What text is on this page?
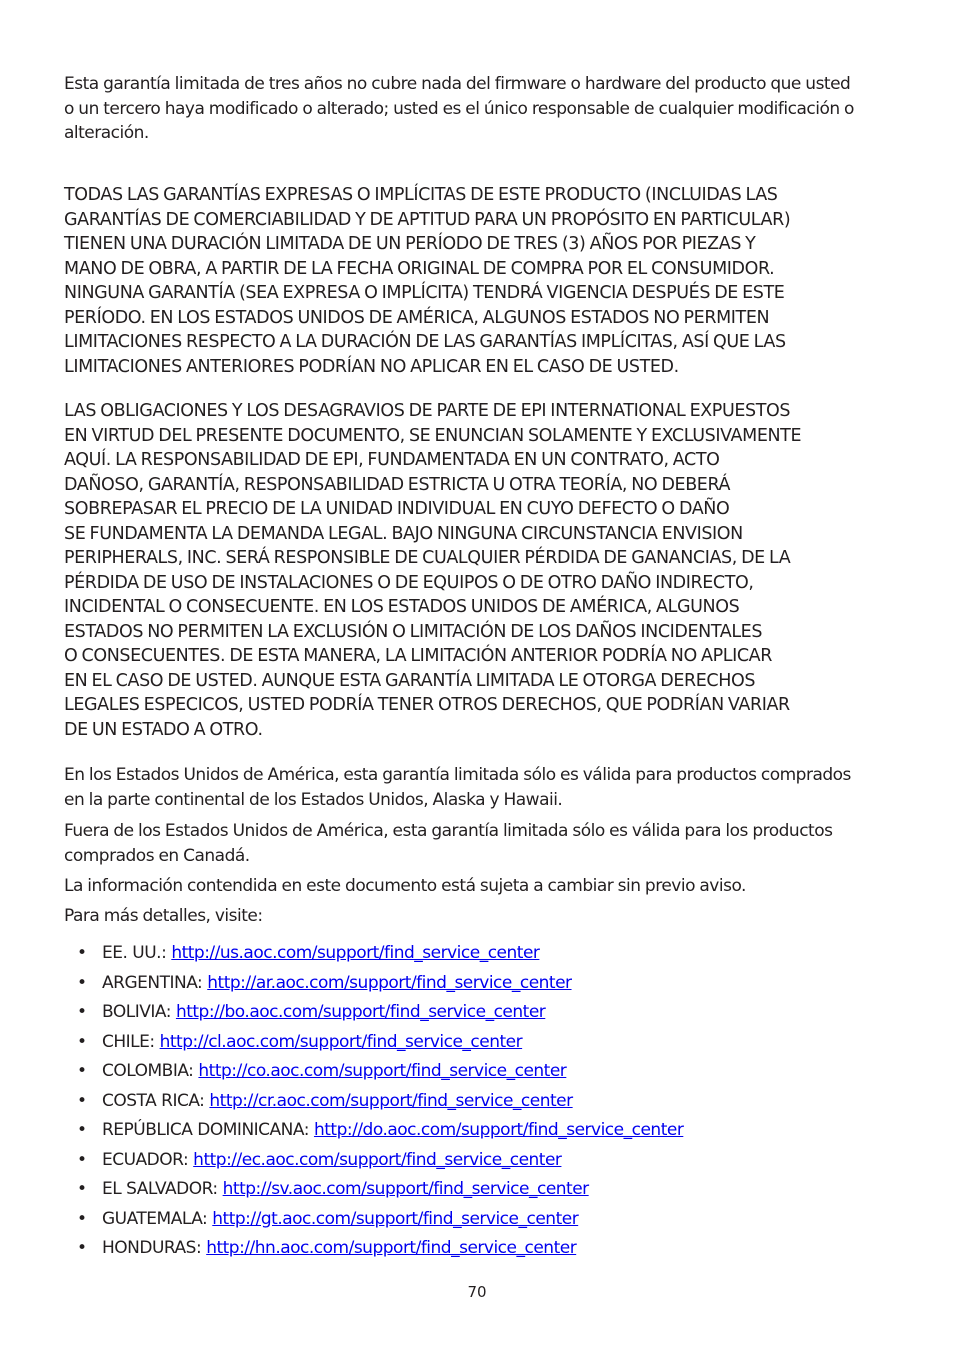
Esta garantía limitada de tres años no cubre nada del firmware o hardware del producto que usted
o un tercero haya modificado o alterado; usted es el único responsable de cualquier modificación o
alteración.
TODAS LAS GARANTÍAS EXPRESAS O IMPLÍCITAS DE ESTE PRODUCTO (INCLUIDAS LAS
GARANTÍAS DE COMERCIABILIDAD Y DE APTITUD PARA UN PROPÓSITO EN PARTICULAR)
TIENEN UNA DURACIÓN LIMITADA DE UN PERÍODO DE TRES (3) AÑOS POR PIEZAS Y
MANO DE OBRA, A PARTIR DE LA FECHA ORIGINAL DE COMPRA POR EL CONSUMIDOR.
NINGUNA GARANTÍA (SEA EXPRESA O IMPLÍCITA) TENDRÁ VIGENCIA DESPUÉS DE ESTE
PERÍODO. EN LOS ESTADOS UNIDOS DE AMÉRICA, ALGUNOS ESTADOS NO PERMITEN
LIMITACIONES RESPECTO A LA DURACIÓN DE LAS GARANTÍAS IMPLÍCITAS, ASÍ QUE LAS
LIMITACIONES ANTERIORES PODRÍAN NO APLICAR EN EL CASO DE USTED.
LAS OBLIGACIONES Y LOS DESAGRAVIOS DE PARTE DE EPI INTERNATIONAL EXPUESTOS
EN VIRTUD DEL PRESENTE DOCUMENTO, SE ENUNCIAN SOLAMENTE Y EXCLUSIVAMENTE
AQUÍ. LA RESPONSABILIDAD DE EPI, FUNDAMENTADA EN UN CONTRATO, ACTO
DAÑOSO, GARANTÍA, RESPONSABILIDAD ESTRICTA U OTRA TEORÍA, NO DEBERÁ
SOBREPASAR EL PRECIO DE LA UNIDAD INDIVIDUAL EN CUYO DEFECTO O DAÑO
SE FUNDAMENTA LA DEMANDA LEGAL. BAJO NINGUNA CIRCUNSTANCIA ENVISION
PERIPHERALS, INC. SERÁ RESPONSIBLE DE CUALQUIER PÉRDIDA DE GANANCIAS, DE LA
PÉRDIDA DE USO DE INSTALACIONES O DE EQUIPOS O DE OTRO DAÑO INDIRECTO,
INCIDENTAL O CONSECUENTE. EN LOS ESTADOS UNIDOS DE AMÉRICA, ALGUNOS
ESTADOS NO PERMITEN LA EXCLUSIÓN O LIMITACIÓN DE LOS DAÑOS INCIDENTALES
O CONSECUENTES. DE ESTA MANERA, LA LIMITACIÓN ANTERIOR PODRÍA NO APLICAR
EN EL CASO DE USTED. AUNQUE ESTA GARANTÍA LIMITADA LE OTORGA DERECHOS
LEGALES ESPECICOS, USTED PODRÍA TENER OTROS DERECHOS, QUE PODRÍAN VARIAR
DE UN ESTADO A OTRO.
En los Estados Unidos de América, esta garantía limitada sólo es válida para productos comprados
en la parte continental de los Estados Unidos, Alaska y Hawaii.
Fuera de los Estados Unidos de América, esta garantía limitada sólo es válida para los productos
comprados en Canadá.
La información contendida en este documento está sujeta a cambiar sin previo aviso.
Para más detalles, visite:
• EE. UU.: http://us.aoc.com/support/find_service_center
• ARGENTINA: http://ar.aoc.com/support/find_service_center
• BOLIVIA: http://bo.aoc.com/support/find_service_center
• CHILE: http://cl.aoc.com/support/find_service_center
• COLOMBIA: http://co.aoc.com/support/find_service_center
• COSTA RICA: http://cr.aoc.com/support/find_service_center
• REPÚBLICA DOMINICANA: http://do.aoc.com/support/find_service_center
• ECUADOR: http://ec.aoc.com/support/find_service_center
• EL SALVADOR: http://sv.aoc.com/support/find_service_center
• GUATEMALA: http://gt.aoc.com/support/find_service_center
• HONDURAS: http://hn.aoc.com/support/find_service_center
70
